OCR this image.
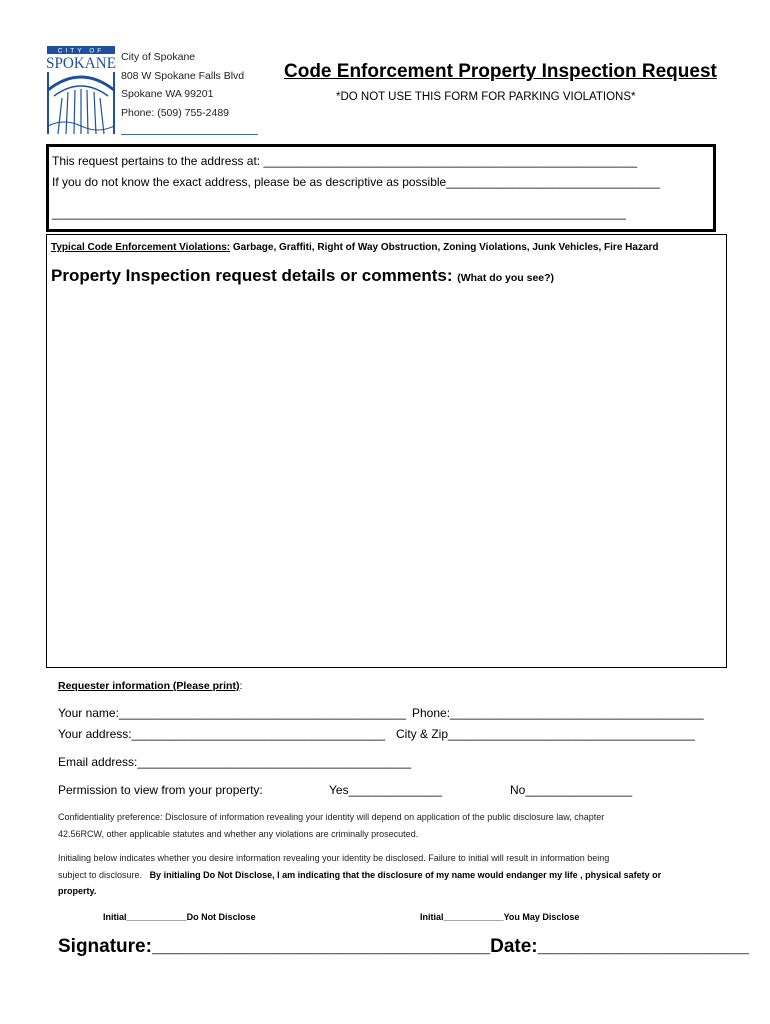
CITY OF
SPOKANE City of Spokane
808 W Spokane Falls Blvd
Spokane WA 99201
Phone: (509) 755-2489
Code Enforcement Property Inspection Request
*DO NOT USE THIS FORM FOR PARKING VIOLATIONS*
This request pertains to the address at: ________________________________________________________
If you do not know the exact address, please be as descriptive as possible________________________________
______________________________________________________________________________________
Typical Code Enforcement Violations: Garbage, Graffiti, Right of Way Obstruction, Zoning Violations, Junk Vehicles, Fire Hazard
Property Inspection request details or comments: (What do you see?)
Requester information (Please print):
Your name:___________________________________________ Phone:______________________________________
Your address:______________________________________ City & Zip_____________________________________
Email address:_________________________________________
Permission to view from your property:	Yes______________	No________________
Confidentiality preference: Disclosure of information revealing your identity will depend on application of the public disclosure law, chapter
42.56RCW, other applicable statutes and whether any violations are criminally prosecuted.
Initialing below indicates whether you desire information revealing your identity be disclosed. Failure to initial will result in information being
subject to disclosure. By initialing Do Not Disclose, I am indicating that the disclosure of my name would endanger my life , physical safety or
property.
Initial____________Do Not Disclose	Initial____________You May Disclose
Signature:________________________________Date:____________________
